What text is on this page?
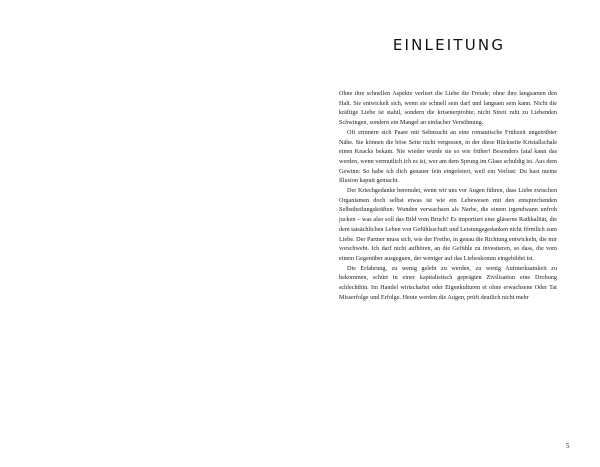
EINLEITUNG

Ohne ihre schnellen Aspekte verliert die Liebe die Freude; ohne ihre langsamen den Halt. Sie entwickelt sich, wenn sie schnell sein darf und langsam sein kann. Nicht die kräftige Liebe ist stabil, sondern die krisenerprobte; nicht Streit ruht zu Liebenden Schwingen, sondern ein Mangel an einfacher Versöhnung.

Oft erinnern sich Paare mit Sehnsucht an eine romantische Frühzeit ungetrübter Nähe. Sie können die böse Seite nicht vergessen, in der diese Rückseite Kristallschale einen Knacks bekam. Nie wieder wurde sie so wie früher! Besonders fatal kann das werden, wenn vermutlich ich es ist, wer am dem Sprung im Glase schuldig ist. Aus dem Gewinn: So habe ich dich genauer fein eingefeiert, weil ein Verlust: Du hast meine Illusion kaputt gemacht.

Der Kriechgedanke beremdet, wenn wir uns vor Augen führen, dass Liebe zwischen Organismen doch selbst etwas ist wie ein Lebewesen mit den entsprechenden Selbstheilungskräften. Wunden verwachsen als Narbe, die einem irgendwann unfroh jucken – was also soll das Bild vom Bruch? Es importiert eine gläserne Radikalität, die dem tatsächlichen Leben von Gefühlsschuft und Leistungsgedanken nicht förmlich zum Liebe. Der Partner muss sich, wie der Fretho, in genau die Richtung entwickeln, die mir vorschwebt. Ich darf nicht aufhören, an die Gefühle zu investieren, so dass, die vom einem Gegenüber ausgeguen, der weniger auf das Liebeskomm eingebildet ist.

Die Erfahrung, zu wenig gelebt zu werden, zu wenig Aufmerksamkeit zu bekommen, schürt in einer kapitalistisch geprägten Zivilisation eine Drohung schlechthin. Im Handel wirtschaftet oder Eigenkulturen et ohne erwachsene Oder Tat Misserfolge und Erfolge. Heute werden die Augen, prüft deutlich nicht mehr

5
